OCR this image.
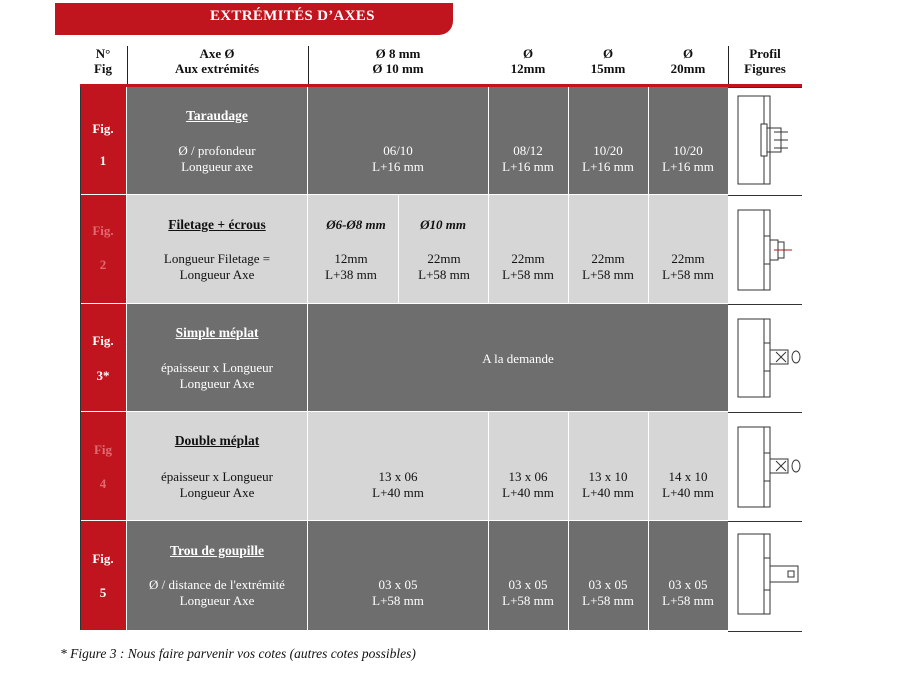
EXTRÉMITÉS D’AXES
N°
Fig
Axe Ø
Aux extrémités
Ø 8 mm
Ø 10 mm
Ø
12mm
Ø
15mm
Ø
20mm
Profil
Figures
Fig.
1
Taraudage
Ø / profondeur
Longueur axe
06/10
L+16 mm
08/12
L+16 mm
10/20
L+16 mm
10/20
L+16 mm
Fig.
2
Filetage + écrous
Longueur Filetage =
Longueur Axe
Ø6-Ø8 mm	Ø10 mm
12mm
L+38 mm
22mm
L+58 mm
22mm
L+58 mm
22mm
L+58 mm
22mm
L+58 mm
Fig.
3*
Simple méplat
épaisseur x Longueur
Longueur Axe
A la demande
Fig
4
Double méplat
épaisseur x Longueur
Longueur Axe
13 x 06
L+40 mm
13 x 06
L+40 mm
13 x 10
L+40 mm
14 x 10
L+40 mm
Fig.
5
Trou de goupille
Ø / distance de l'extrémité
Longueur Axe
03 x 05
L+58 mm
03 x 05
L+58 mm
03 x 05
L+58 mm
03 x 05
L+58 mm
* Figure 3 : Nous faire parvenir vos cotes (autres cotes possibles)
